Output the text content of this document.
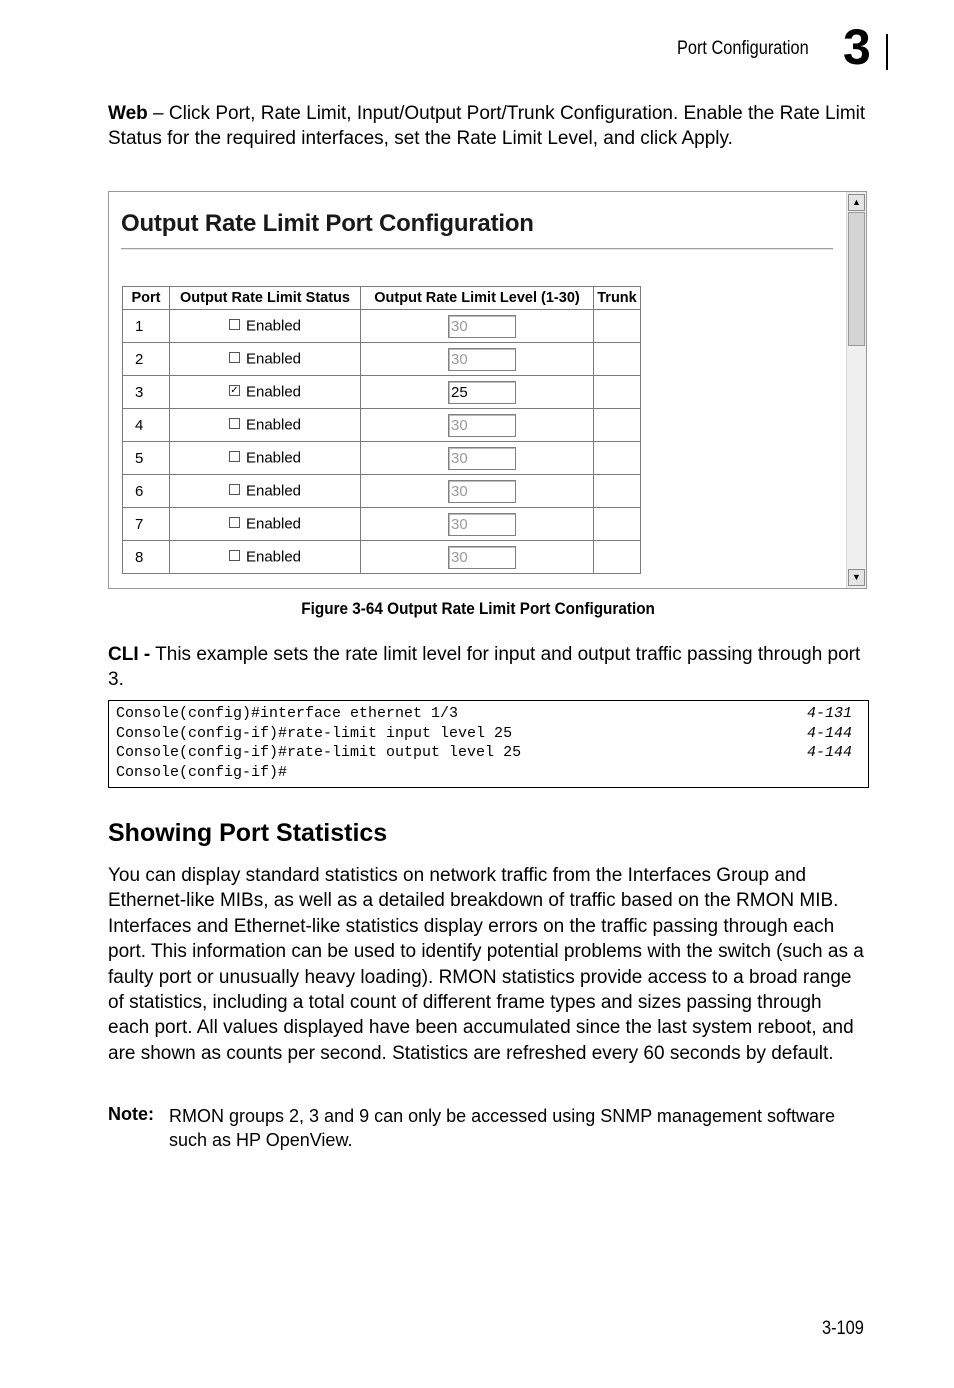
Port Configuration 3

Web – Click Port, Rate Limit, Input/Output Port/Trunk Configuration. Enable the Rate Limit Status for the required interfaces, set the Rate Limit Level, and click Apply.

Output Rate Limit Port Configuration
Port	Output Rate Limit Status	Output Rate Limit Level (1-30)	Trunk
1	Enabled	30	
2	Enabled	30	
3	✓ Enabled	25	
4	Enabled	30	
5	Enabled	30	
6	Enabled	30	
7	Enabled	30	
8	Enabled	30	
▲
▼
Figure 3-64 Output Rate Limit Port Configuration

CLI - This example sets the rate limit level for input and output traffic passing through port 3.

Console(config)#interface ethernet 1/3	4-131
Console(config-if)#rate-limit input level 25	4-144
Console(config-if)#rate-limit output level 25	4-144
Console(config-if)#
Showing Port Statistics

You can display standard statistics on network traffic from the Interfaces Group and Ethernet-like MIBs, as well as a detailed breakdown of traffic based on the RMON MIB. Interfaces and Ethernet-like statistics display errors on the traffic passing through each port. This information can be used to identify potential problems with the switch (such as a faulty port or unusually heavy loading). RMON statistics provide access to a broad range of statistics, including a total count of different frame types and sizes passing through each port. All values displayed have been accumulated since the last system reboot, and are shown as counts per second. Statistics are refreshed every 60 seconds by default.

Note: RMON groups 2, 3 and 9 can only be accessed using SNMP management software such as HP OpenView.
3-109
